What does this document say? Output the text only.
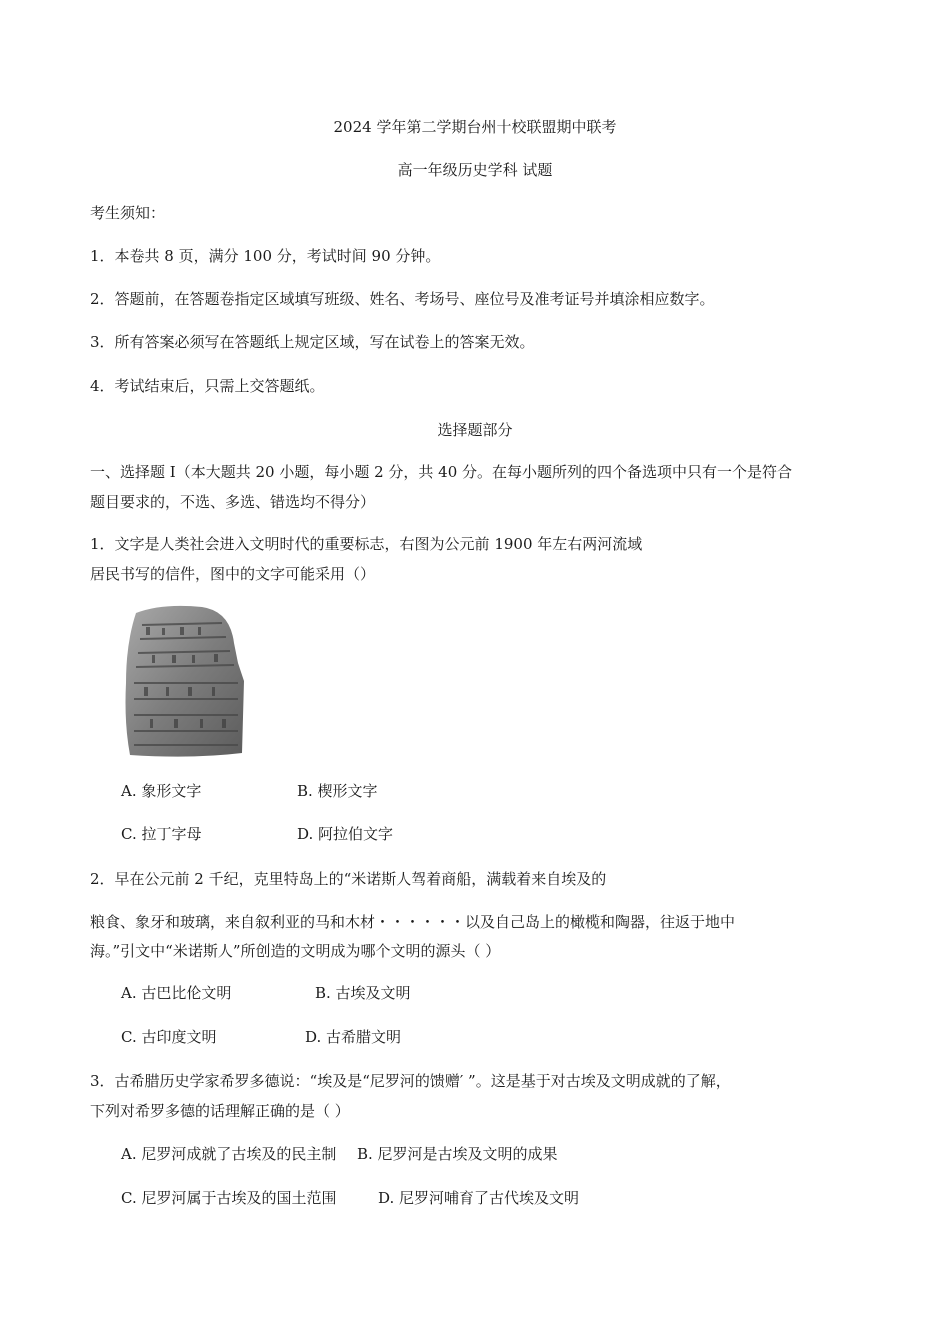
2024 学年第二学期台州十校联盟期中联考
高一年级历史学科 试题
考生须知：
1．本卷共 8 页，满分 100 分，考试时间 90 分钟。
2．答题前，在答题卷指定区域填写班级、姓名、考场号、座位号及准考证号并填涂相应数字。
3．所有答案必须写在答题纸上规定区域，写在试卷上的答案无效。
4．考试结束后，只需上交答题纸。
选择题部分
一、选择题 I（本大题共 20 小题，每小题 2 分，共 40 分。在每小题所列的四个备选项中只有一个是符合
题目要求的，不选、多选、错选均不得分）
1．文字是人类社会进入文明时代的重要标志，右图为公元前 1900 年左右两河流域
居民书写的信件，图中的文字可能采用（）
A. 象形文字	B. 楔形文字
C. 拉丁字母	D. 阿拉伯文字
2．早在公元前 2 千纪，克里特岛上的“米诺斯人驾着商船，满载着来自埃及的
粮食、象牙和玻璃，来自叙利亚的马和木材・・・・・・以及自己岛上的橄榄和陶器，往返于地中
海。”引文中“米诺斯人”所创造的文明成为哪个文明的源头（ ）
A. 古巴比伦文明	B. 古埃及文明
C. 古印度文明	D. 古希腊文明
3．古希腊历史学家希罗多德说：“埃及是“尼罗河的馈赠′ ”。这是基于对古埃及文明成就的了解，
下列对希罗多德的话理解正确的是（ ）
A. 尼罗河成就了古埃及的民主制 B. 尼罗河是古埃及文明的成果
C. 尼罗河属于古埃及的国土范围	D. 尼罗河哺育了古代埃及文明
